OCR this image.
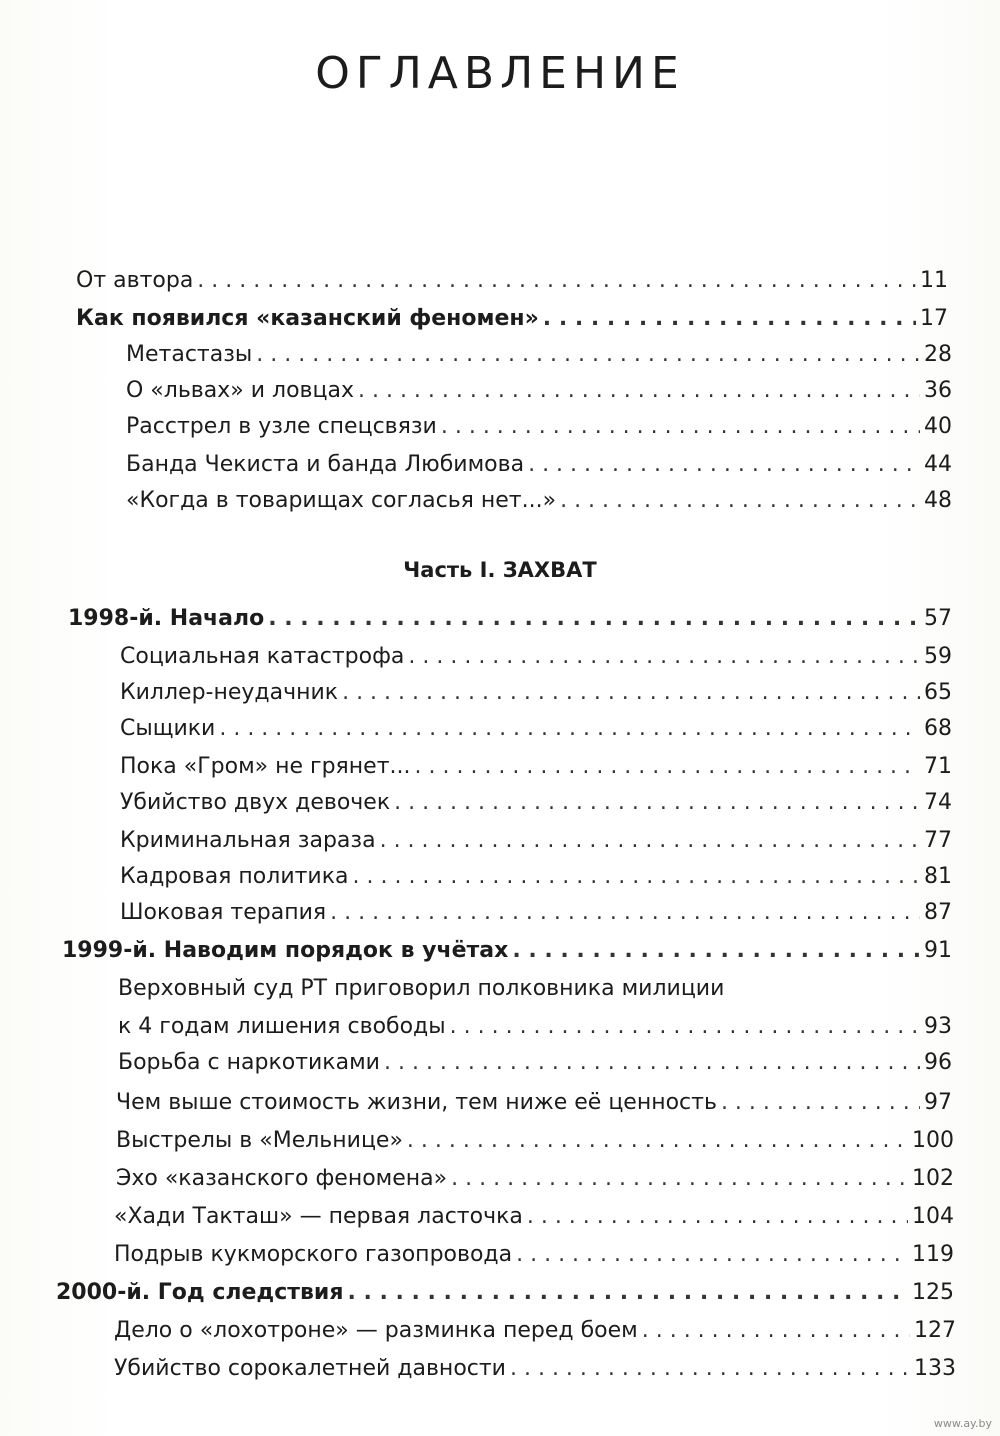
ОГЛАВЛЕНИЕ
От автора . . .	11
Как появился «казанский феномен» . . .	17
Метастазы . . .	28
О «львах» и ловцах . . .	36
Расстрел в узле спецсвязи . . .	40
Банда Чекиста и банда Любимова . . .	44
«Когда в товарищах согласья нет...» . . .	48
Часть I. ЗАХВАТ
1998-й. Начало . . .	57
Социальная катастрофа . . .	59
Киллер-неудачник . . .	65
Сыщики . . .	68
Пока «Гром» не грянет... . . .	71
Убийство двух девочек . . .	74
Криминальная зараза . . .	77
Кадровая политика . . .	81
Шоковая терапия . . .	87
1999-й. Наводим порядок в учётах . . .	91
Верховный суд РТ приговорил полковника милиции
к 4 годам лишения свободы . . .	93
Борьба с наркотиками . . .	96
Чем выше стоимость жизни, тем ниже её ценность . . .	97
Выстрелы в «Мельнице» . . .	100
Эхо «казанского феномена» . . .	102
«Хади Такташ» — первая ласточка . . .	104
Подрыв кукморского газопровода . . .	119
2000-й. Год следствия . . .	125
Дело о «лохотроне» — разминка перед боем . . .	127
Убийство сорокалетней давности . . .	133
www.ay.by
